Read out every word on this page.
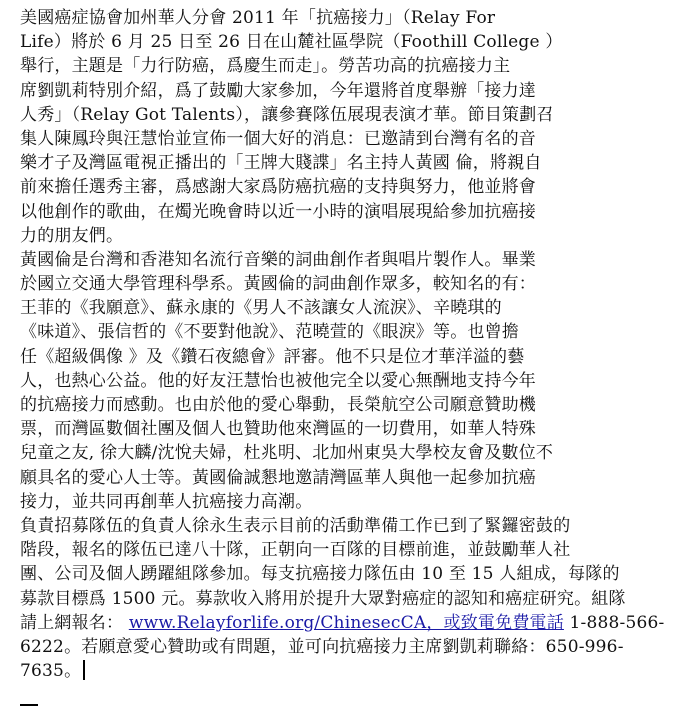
美國癌症協會加州華人分會 2011 年「抗癌接力」（Relay For
Life）將於 6 月 25 日至 26 日在山麓社區學院（Foothill College ）
舉行，主題是「力行防癌，爲慶生而走」。勞苦功高的抗癌接力主
席劉凱莉特別介紹，爲了鼓勵大家參加，今年還將首度舉辦「接力達
人秀」（Relay Got Talents），讓參賽隊伍展現表演才華。節目策劃召
集人陳鳳玲與汪慧怡並宣佈一個大好的消息：已邀請到台灣有名的音
樂才子及灣區電視正播出的「王牌大賤諜」名主持人黃國 倫，將親自
前來擔任選秀主審，爲感謝大家爲防癌抗癌的支持與努力，他並將會
以他創作的歌曲，在燭光晚會時以近一小時的演唱展現給參加抗癌接
力的朋友們。
黃國倫是台灣和香港知名流行音樂的詞曲創作者與唱片製作人。畢業
於國立交通大學管理科學系。黃國倫的詞曲創作眾多，較知名的有：
王菲的《我願意》、蘇永康的《男人不該讓女人流淚》、辛曉琪的
《味道》、張信哲的《不要對他說》、范曉萱的《眼淚》等。也曾擔
任《超級偶像 》及《鑽石夜總會》評審。他不只是位才華洋溢的藝
人，也熱心公益。他的好友汪慧怡也被他完全以愛心無酬地支持今年
的抗癌接力而感動。也由於他的愛心舉動，長榮航空公司願意贊助機
票，而灣區數個社團及個人也贊助他來灣區的一切費用，如華人特殊
兒童之友, 徐大麟/沈悅夫婦，杜兆明、北加州東吳大學校友會及數位不
願具名的愛心人士等。黃國倫誠懇地邀請灣區華人與他一起參加抗癌
接力，並共同再創華人抗癌接力高潮。
負責招募隊伍的負責人徐永生表示目前的活動準備工作已到了緊鑼密鼓的
階段，報名的隊伍已達八十隊，正朝向一百隊的目標前進，並鼓勵華人社
團、公司及個人踴躍組隊參加。每支抗癌接力隊伍由 10 至 15 人組成，每隊的
募款目標爲 1500 元。募款收入將用於提升大眾對癌症的認知和癌症研究。組隊
請上網報名： www.Relayforlife.org/ChinesecCA，或致電免費電話 1-888-566-
6222。若願意愛心贊助或有問題，並可向抗癌接力主席劉凱莉聯絡：650-996-
7635。
